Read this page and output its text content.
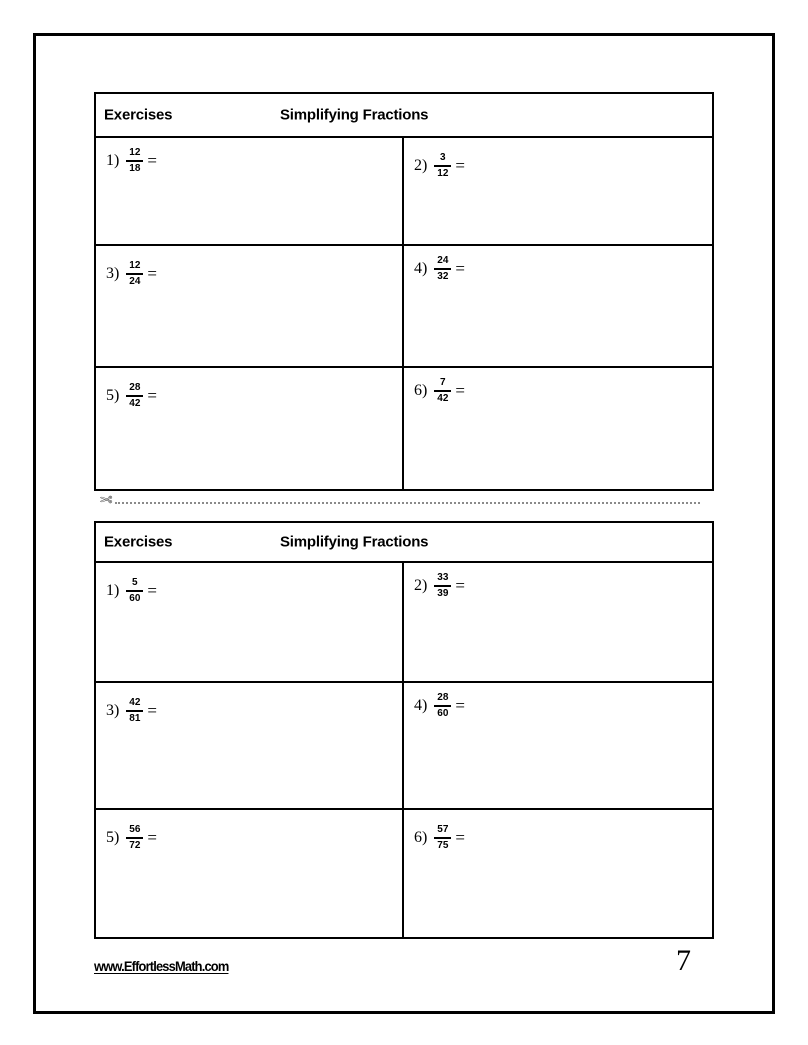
Exercises	Simplifying Fractions
$1) \frac{12}{18}$ =	$2) \frac{3}{12}$ =
$3) \frac{12}{24}$ =	$4) \frac{24}{32}$ =
$5) \frac{28}{42}$ =	$6) \frac{7}{42}$ =
✄
Exercises	Simplifying Fractions
$1) \frac{5}{60}$ =	$2) \frac{33}{39}$ =
$3) \frac{42}{81}$ =	$4) \frac{28}{60}$ =
$5) \frac{56}{72}$ =	$6) \frac{57}{75}$ =
www.EffortlessMath.com	7
